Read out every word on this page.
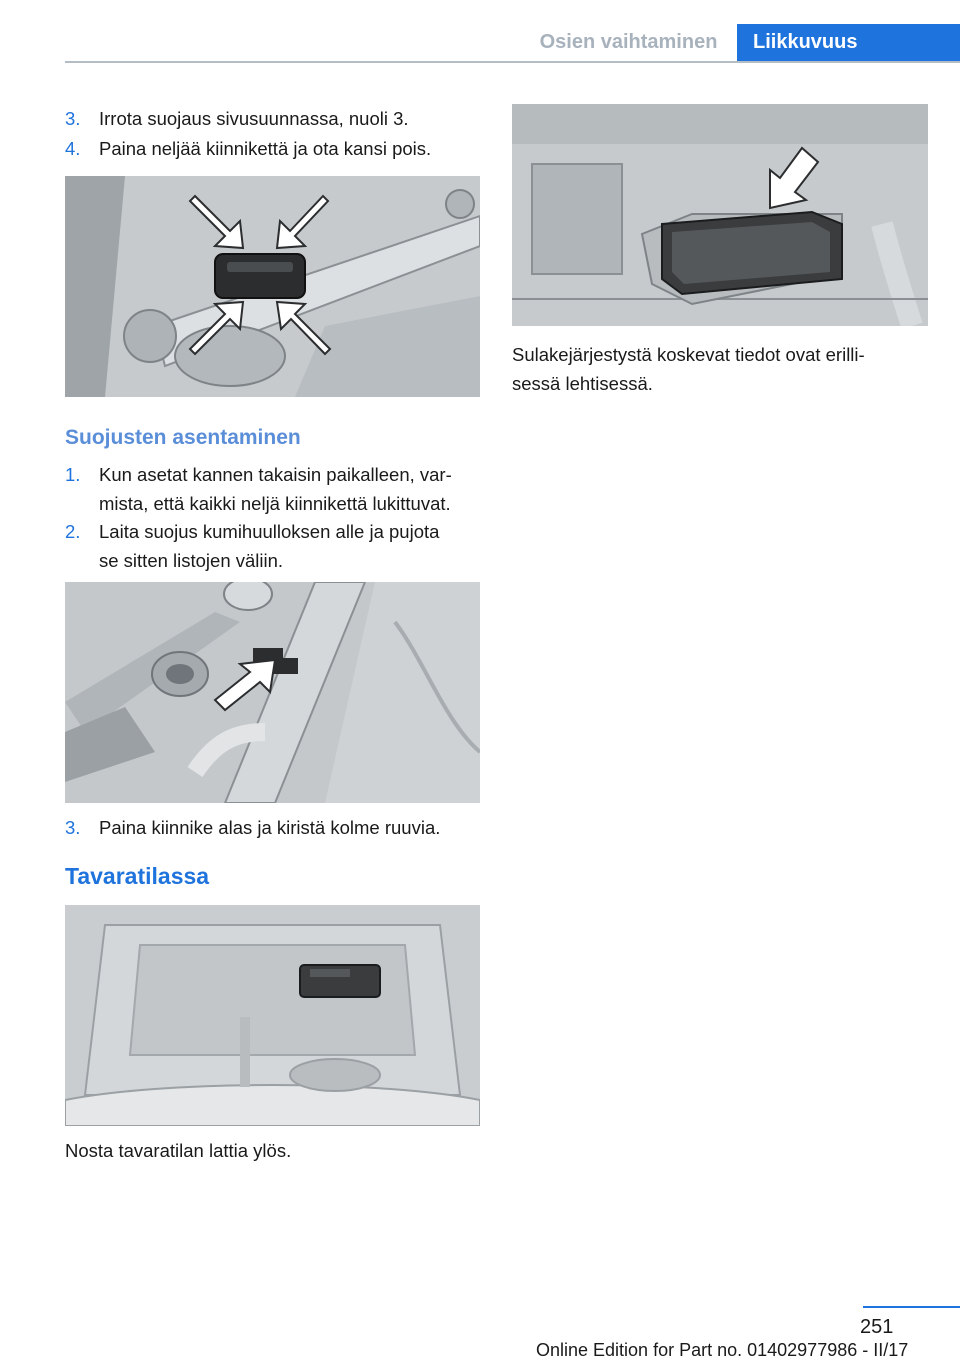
Osien vaihtaminen	Liikkuvuus
3. Irrota suojaus sivusuunnassa, nuoli 3.
4. Paina neljää kiinnikettä ja ota kansi pois.
Suojusten asentaminen
1. Kun asetat kannen takaisin paikalleen, var-
mista, että kaikki neljä kiinnikettä lukittuvat.
2. Laita suojus kumihuulloksen alle ja pujota
se sitten listojen väliin.
3. Paina kiinnike alas ja kiristä kolme ruuvia.
Tavaratilassa
Nosta tavaratilan lattia ylös.
Sulakejärjestystä koskevat tiedot ovat erilli-
sessä lehtisessä.
251
Online Edition for Part no. 01402977986 - II/17
